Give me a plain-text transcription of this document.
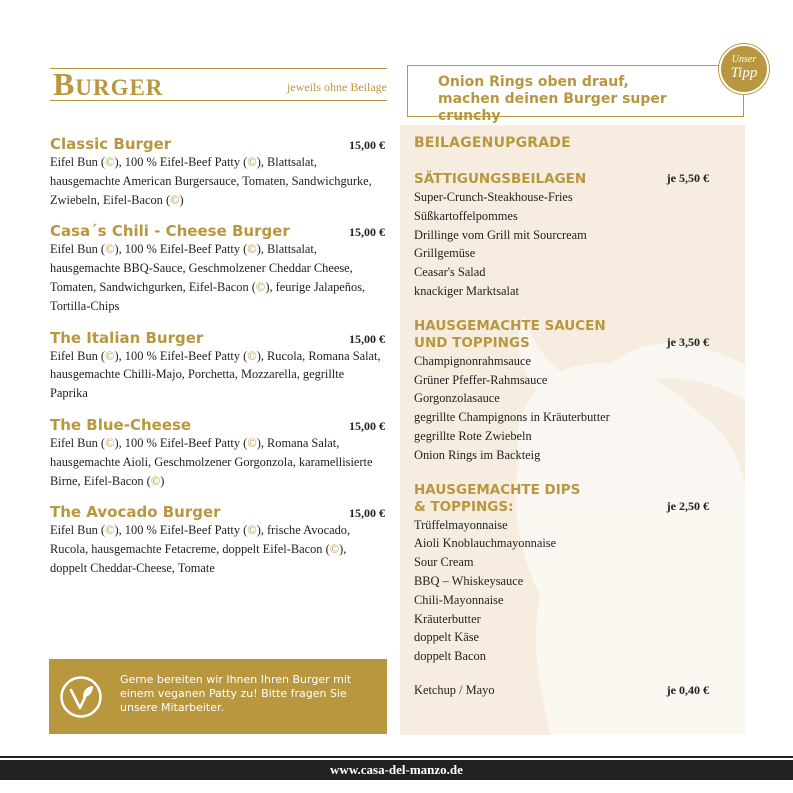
BURGER	jeweils ohne Beilage	Onion Rings oben drauf, machen deinen Burger super crunchy
Unser
Tipp
Classic Burger	15,00 €
Eifel Bun (©), 100 % Eifel-Beef Patty (©), Blattsalat, hausgemachte American Burgersauce, Tomaten, Sandwichgurke, Zwiebeln, Eifel-Bacon (©)
Casa´s Chili - Cheese Burger	15,00 €
Eifel Bun (©), 100 % Eifel-Beef Patty (©), Blattsalat, hausgemachte BBQ-Sauce, Geschmolzener Cheddar Cheese, Tomaten, Sandwichgurken, Eifel-Bacon (©), feurige Jalapeños, Tortilla-Chips
The Italian Burger	15,00 €
Eifel Bun (©), 100 % Eifel-Beef Patty (©), Rucola, Romana Salat, hausgemachte Chilli-Majo, Porchetta, Mozzarella, gegrillte Paprika
The Blue-Cheese	15,00 €
Eifel Bun (©), 100 % Eifel-Beef Patty (©), Romana Salat, hausgemachte Aioli, Geschmolzener Gorgonzola, karamellisierte Birne, Eifel-Bacon (©)
The Avocado Burger	15,00 €
Eifel Bun (©), 100 % Eifel-Beef Patty (©), frische Avocado, Rucola, hausgemachte Fetacreme, doppelt Eifel-Bacon (©), doppelt Cheddar-Cheese, Tomate
Gerne bereiten wir Ihnen Ihren Burger mit einem veganen Patty zu! Bitte fragen Sie unsere Mitarbeiter.
BEILAGENUPGRADE
SÄTTIGUNGSBEILAGEN	je 5,50 €
Super-Crunch-Steakhouse-Fries
Süßkartoffelpommes
Drillinge vom Grill mit Sourcream
Grillgemüse
Ceasar's Salad
knackiger Marktsalat
HAUSGEMACHTE SAUCEN
UND TOPPINGS	je 3,50 €
Champignonrahmsauce
Grüner Pfeffer-Rahmsauce
Gorgonzolasauce
gegrillte Champignons in Kräuterbutter
gegrillte Rote Zwiebeln
Onion Rings im Backteig
HAUSGEMACHTE DIPS
& TOPPINGS:	je 2,50 €
Trüffelmayonnaise
Aioli Knoblauchmayonnaise
Sour Cream
BBQ – Whiskeysauce
Chili-Mayonnaise
Kräuterbutter
doppelt Käse
doppelt Bacon
Ketchup / Mayo	je 0,40 €
www.casa-del-manzo.de
